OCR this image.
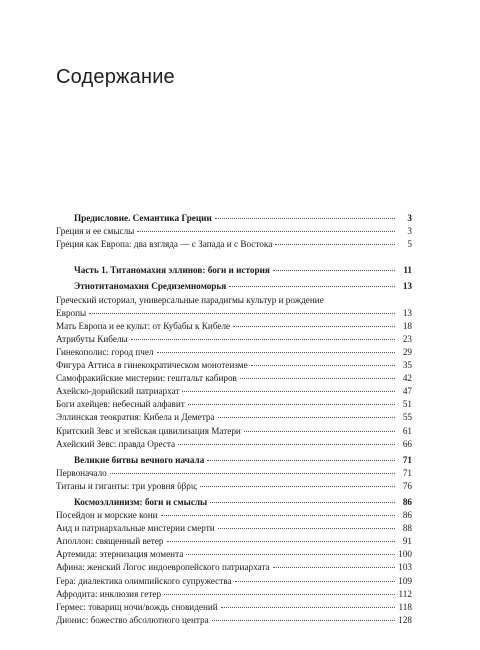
Содержание
Предисловие. Семантика Греции	3
Греция и ее смыслы	3
Греция как Европа: два взгляда — с Запада и с Востока	5
Часть 1. Титаномахия эллинов: боги и история	11
Этнотитаномахия Средиземноморья	13
Греческий историал, универсальные парадигмы культур и рождение
Европы	13
Мать Европа и ее культ: от Кубабы к Кибеле	18
Атрибуты Кибелы	23
Гинекополис: город пчел	29
Фигура Аттиса в гинекократическом монотеизме	35
Самофракийские мистерии: гештальт кабиров	42
Ахейско-дорийский патриархат	47
Боги ахейцев: небесный алфавит	51
Эллинская теократия: Кибела и Деметра	55
Критский Зевс и эгейская цивилизация Матери	61
Ахейский Зевс: правда Ореста	66
Великие битвы вечного начала	71
Первоначало	71
Титаны и гиганты: три уровня ὕβρις	76
Космоэллинизм: боги и смыслы	86
Посейдон и морские кони	86
Аид и патриархальные мистерии смерти	88
Аполлон: священный ветер	91
Артемида: этернизация момента	100
Афина: женский Логос индоевропейского патриархата	103
Гера: диалектика олимпийского супружества	109
Афродита: инклюзия гетер	112
Гермес: товарищ ночи/вождь сновидений	118
Дионис: божество абсолютного центра	128
